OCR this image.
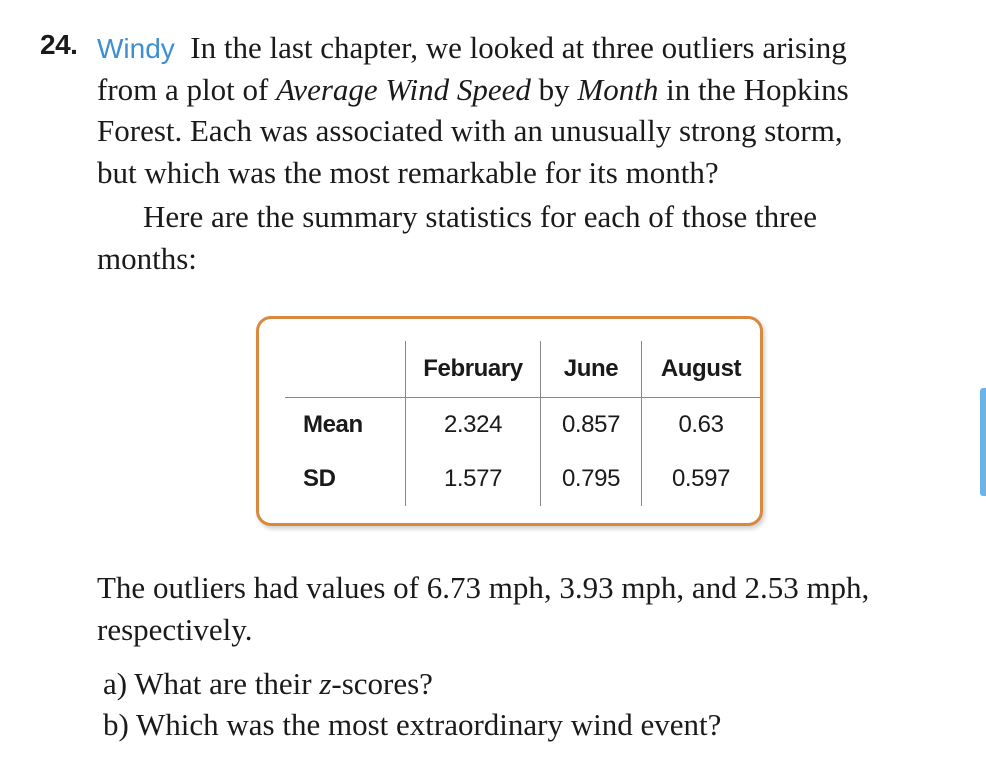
24. Windy In the last chapter, we looked at three outliers arising
from a plot of Average Wind Speed by Month in the Hopkins
Forest. Each was associated with an unusually strong storm,
but which was the most remarkable for its month?
Here are the summary statistics for each of those three
months:
	February	June	August
Mean	2.324	0.857	0.63
SD	1.577	0.795	0.597
The outliers had values of 6.73 mph, 3.93 mph, and 2.53 mph,
respectively.
a) What are their z-scores?
b) Which was the most extraordinary wind event?
